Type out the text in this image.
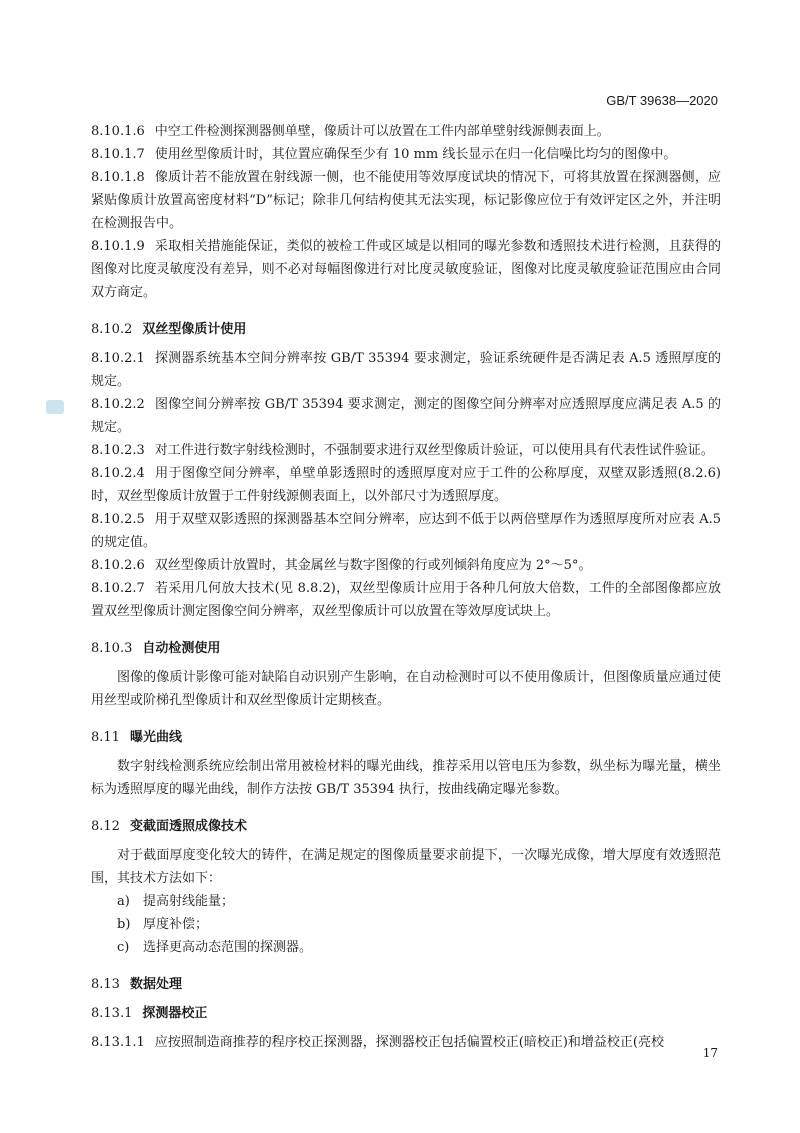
GB/T 39638—2020

8.10.1.6 中空工件检测探测器侧单壁，像质计可以放置在工件内部单壁射线源侧表面上。

8.10.1.7 使用丝型像质计时，其位置应确保至少有 10 mm 线长显示在归一化信噪比均匀的图像中。

8.10.1.8 像质计若不能放置在射线源一侧，也不能使用等效厚度试块的情况下，可将其放置在探测器侧，应紧贴像质计放置高密度材料“D”标记；除非几何结构使其无法实现，标记影像应位于有效评定区之外，并注明在检测报告中。

8.10.1.9 采取相关措施能保证，类似的被检工件或区域是以相同的曝光参数和透照技术进行检测，且获得的图像对比度灵敏度没有差异，则不必对每幅图像进行对比度灵敏度验证，图像对比度灵敏度验证范围应由合同双方商定。

8.10.2 双丝型像质计使用

8.10.2.1 探测器系统基本空间分辨率按 GB/T 35394 要求测定，验证系统硬件是否满足表 A.5 透照厚度的规定。

8.10.2.2 图像空间分辨率按 GB/T 35394 要求测定，测定的图像空间分辨率对应透照厚度应满足表 A.5 的规定。

8.10.2.3 对工件进行数字射线检测时，不强制要求进行双丝型像质计验证，可以使用具有代表性试件验证。

8.10.2.4 用于图像空间分辨率，单壁单影透照时的透照厚度对应于工件的公称厚度，双壁双影透照(8.2.6)时，双丝型像质计放置于工件射线源侧表面上，以外部尺寸为透照厚度。

8.10.2.5 用于双壁双影透照的探测器基本空间分辨率，应达到不低于以两倍壁厚作为透照厚度所对应表 A.5 的规定值。

8.10.2.6 双丝型像质计放置时，其金属丝与数字图像的行或列倾斜角度应为 2°～5°。

8.10.2.7 若采用几何放大技术(见 8.8.2)，双丝型像质计应用于各种几何放大倍数，工件的全部图像都应放置双丝型像质计测定图像空间分辨率，双丝型像质计可以放置在等效厚度试块上。

8.10.3 自动检测使用

图像的像质计影像可能对缺陷自动识别产生影响，在自动检测时可以不使用像质计，但图像质量应通过使用丝型或阶梯孔型像质计和双丝型像质计定期核查。

8.11 曝光曲线

数字射线检测系统应绘制出常用被检材料的曝光曲线，推荐采用以管电压为参数，纵坐标为曝光量，横坐标为透照厚度的曝光曲线，制作方法按 GB/T 35394 执行，按曲线确定曝光参数。

8.12 变截面透照成像技术

对于截面厚度变化较大的铸件，在满足规定的图像质量要求前提下，一次曝光成像，增大厚度有效透照范围，其技术方法如下：

a) 提高射线能量；

b) 厚度补偿；

c) 选择更高动态范围的探测器。

8.13 数据处理

8.13.1 探测器校正

8.13.1.1 应按照制造商推荐的程序校正探测器，探测器校正包括偏置校正(暗校正)和增益校正(亮校

17
